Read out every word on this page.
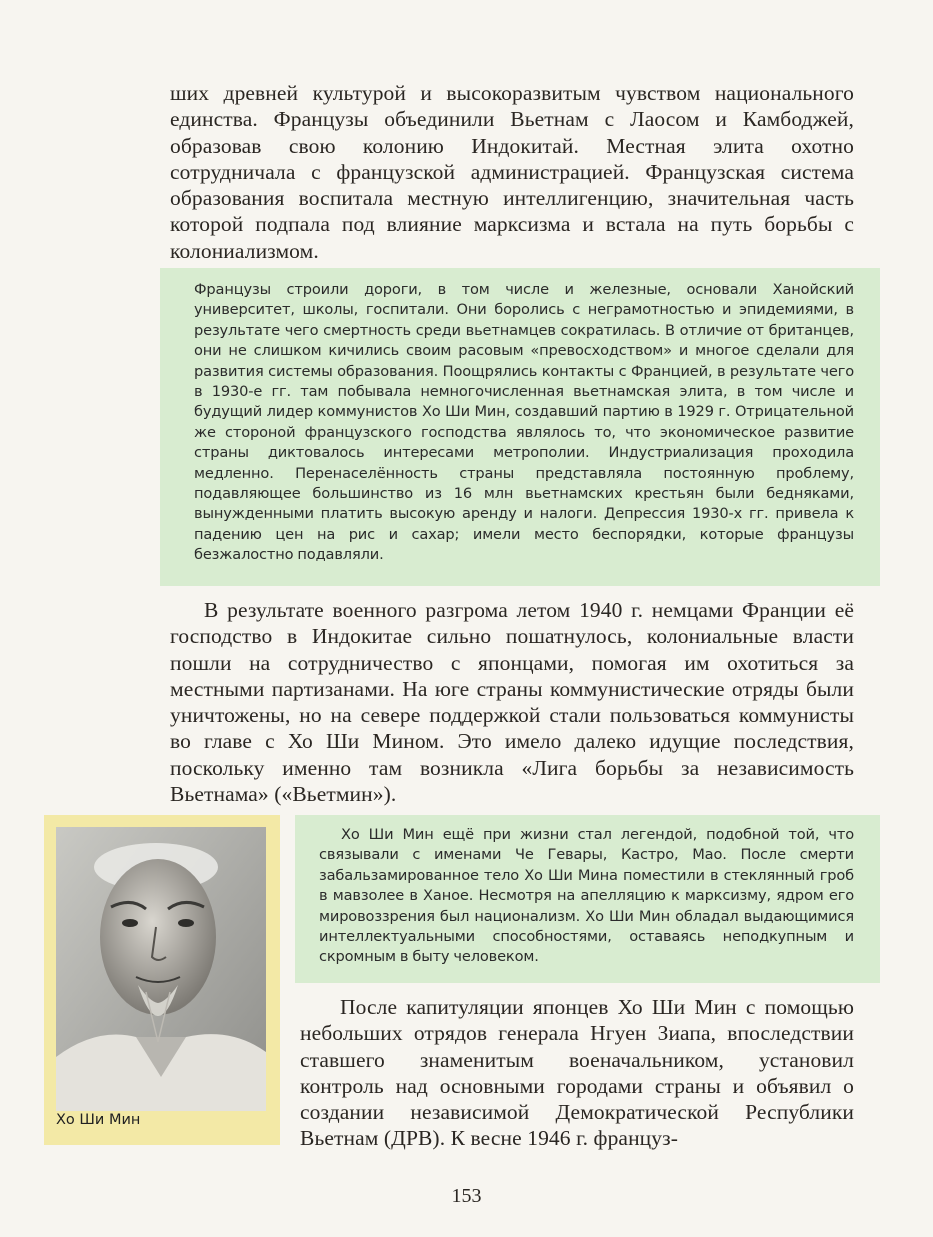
ших древней культурой и высокоразвитым чувством национального единства. Французы объединили Вьетнам с Лаосом и Камбоджей, образовав свою колонию Индокитай. Местная элита охотно сотрудничала с французской администрацией. Французская система образования воспитала местную интеллигенцию, значительная часть которой подпала под влияние марксизма и встала на путь борьбы с колониализмом.

Французы строили дороги, в том числе и железные, основали Ханойский университет, школы, госпитали. Они боролись с неграмотностью и эпидемиями, в результате чего смертность среди вьетнамцев сократилась. В отличие от британцев, они не слишком кичились своим расовым «превосходством» и многое сделали для развития системы образования. Поощрялись контакты с Францией, в результате чего в 1930-е гг. там побывала немногочисленная вьетнамская элита, в том числе и будущий лидер коммунистов Хо Ши Мин, создавший партию в 1929 г. Отрицательной же стороной французского господства являлось то, что экономическое развитие страны диктовалось интересами метрополии. Индустриализация проходила медленно. Перенаселённость страны представляла постоянную проблему, подавляющее большинство из 16 млн вьетнамских крестьян были бедняками, вынужденными платить высокую аренду и налоги. Депрессия 1930-х гг. привела к падению цен на рис и сахар; имели место беспорядки, которые французы безжалостно подавляли.

В результате военного разгрома летом 1940 г. немцами Франции её господство в Индокитае сильно пошатнулось, колониальные власти пошли на сотрудничество с японцами, помогая им охотиться за местными партизанами. На юге страны коммунистические отряды были уничтожены, но на севере поддержкой стали пользоваться коммунисты во главе с Хо Ши Мином. Это имело далеко идущие последствия, поскольку именно там возникла «Лига борьбы за независимость Вьетнама» («Вьетмин»).

Хо Ши Мин

Хо Ши Мин ещё при жизни стал легендой, подобной той, что связывали с именами Че Гевары, Кастро, Мао. После смерти забальзамированное тело Хо Ши Мина поместили в стеклянный гроб в мавзолее в Ханое. Несмотря на апелляцию к марксизму, ядром его мировоззрения был национализм. Хо Ши Мин обладал выдающимися интеллектуальными способностями, оставаясь неподкупным и скромным в быту человеком.

После капитуляции японцев Хо Ши Мин с помощью небольших отрядов генерала Нгуен Зиапа, впоследствии ставшего знаменитым военачальником, установил контроль над основными городами страны и объявил о создании независимой Демократической Республики Вьетнам (ДРВ). К весне 1946 г. француз-

153
